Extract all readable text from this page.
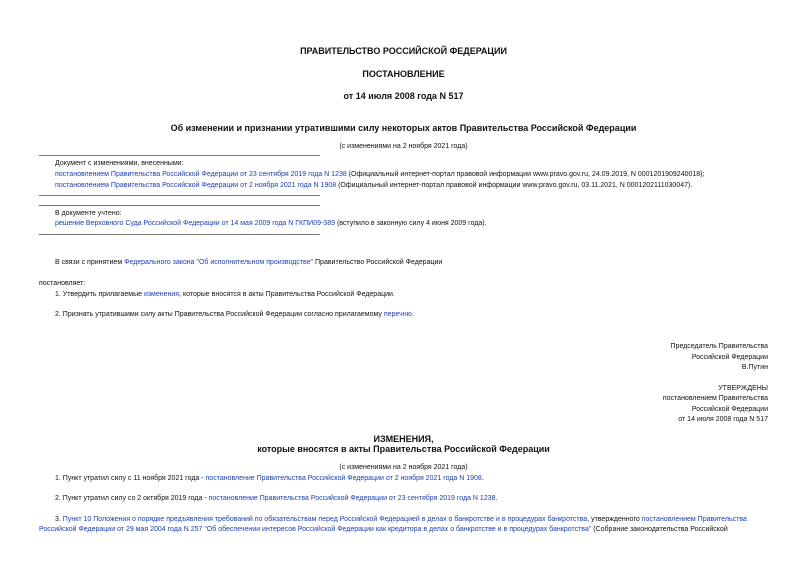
ПРАВИТЕЛЬСТВО РОССИЙСКОЙ ФЕДЕРАЦИИ
ПОСТАНОВЛЕНИЕ
от 14 июля 2008 года N 517
Об изменении и признании утратившими силу некоторых актов Правительства Российской Федерации
(с изменениями на 2 ноября 2021 года)
Документ с изменениями, внесенными:
постановлением Правительства Российской Федерации от 23 сентября 2019 года N 1238 (Официальный интернет-портал правовой информации www.pravo.gov.ru, 24.09.2019, N 0001201909240018);
постановлением Правительства Российской Федерации от 2 ноября 2021 года N 1908 (Официальный интернет-портал правовой информации www.pravo.gov.ru, 03.11.2021, N 0001202111030047).
В документе учтено:
решение Верховного Суда Российской Федерации от 14 мая 2009 года N ГКПИ09-389 (вступило в законную силу 4 июня 2009 года).
В связи с принятием Федерального закона "Об исполнительном производстве" Правительство Российской Федерации
постановляет:
1. Утвердить прилагаемые изменения, которые вносятся в акты Правительства Российской Федерации.
2. Признать утратившими силу акты Правительства Российской Федерации согласно прилагаемому перечню.
Председатель Правительства
Российской Федерации
В.Путин
УТВЕРЖДЕНЫ
постановлением Правительства
Российской Федерации
от 14 июля 2008 года N 517
ИЗМЕНЕНИЯ,
которые вносятся в акты Правительства Российской Федерации
(с изменениями на 2 ноября 2021 года)
1. Пункт утратил силу с 11 ноября 2021 года - постановление Правительства Российской Федерации от 2 ноября 2021 года N 1908.
2. Пункт утратил силу со 2 октября 2019 года - постановление Правительства Российской Федерации от 23 сентября 2019 года N 1238.
3. Пункт 10 Положения о порядке предъявления требований по обязательствам перед Российской Федерацией в делах о банкротстве и в процедурах банкротства, утвержденного постановлением Правительства
Российской Федерации от 29 мая 2004 года N 257 "Об обеспечении интересов Российской Федерации как кредитора в делах о банкротстве и в процедурах банкротства" (Собрание законодательства Российской
